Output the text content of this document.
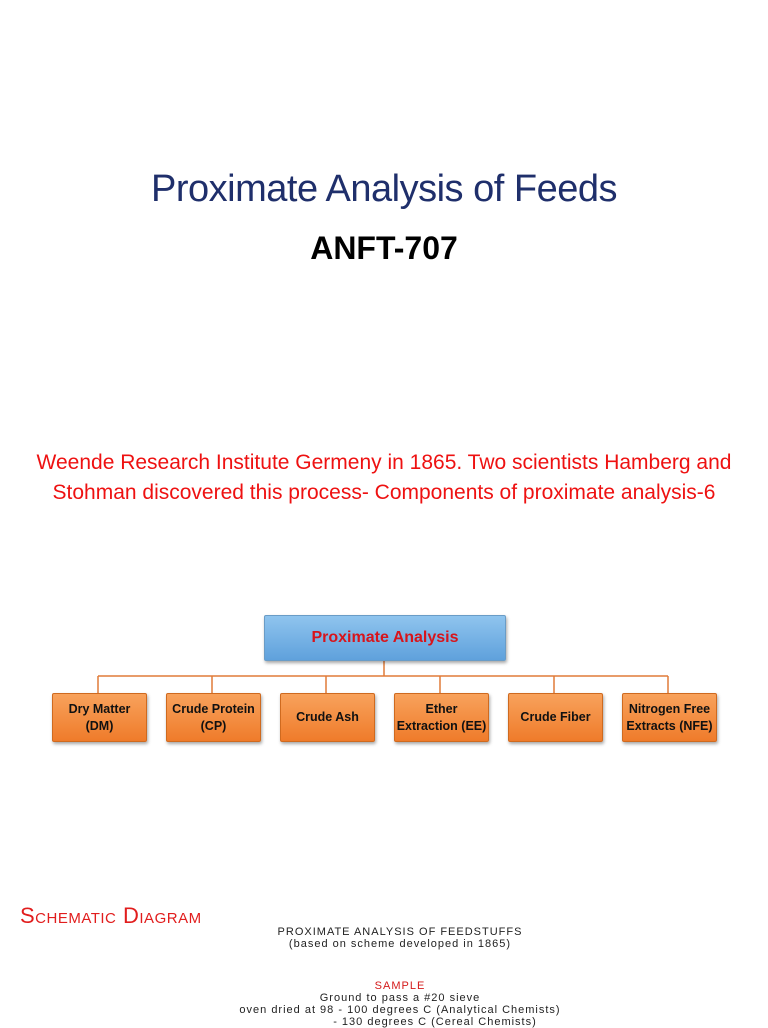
Proximate Analysis of Feeds
ANFT-707
Weende Research Institute Germeny in 1865. Two scientists Hamberg and Stohman discovered this process- Components of proximate analysis-6
Proximate Analysis
Dry Matter
(DM)
Crude Protein
(CP)
Crude Ash
Ether
Extraction (EE)
Crude Fiber
Nitrogen Free
Extracts (NFE)
Schematic Diagram
PROXIMATE ANALYSIS OF FEEDSTUFFS
(based on scheme developed in 1865)
SAMPLE
Ground to pass a #20 sieve
oven dried at 98 - 100 degrees C (Analytical Chemists)
- 130 degrees C (Cereal Chemists)
